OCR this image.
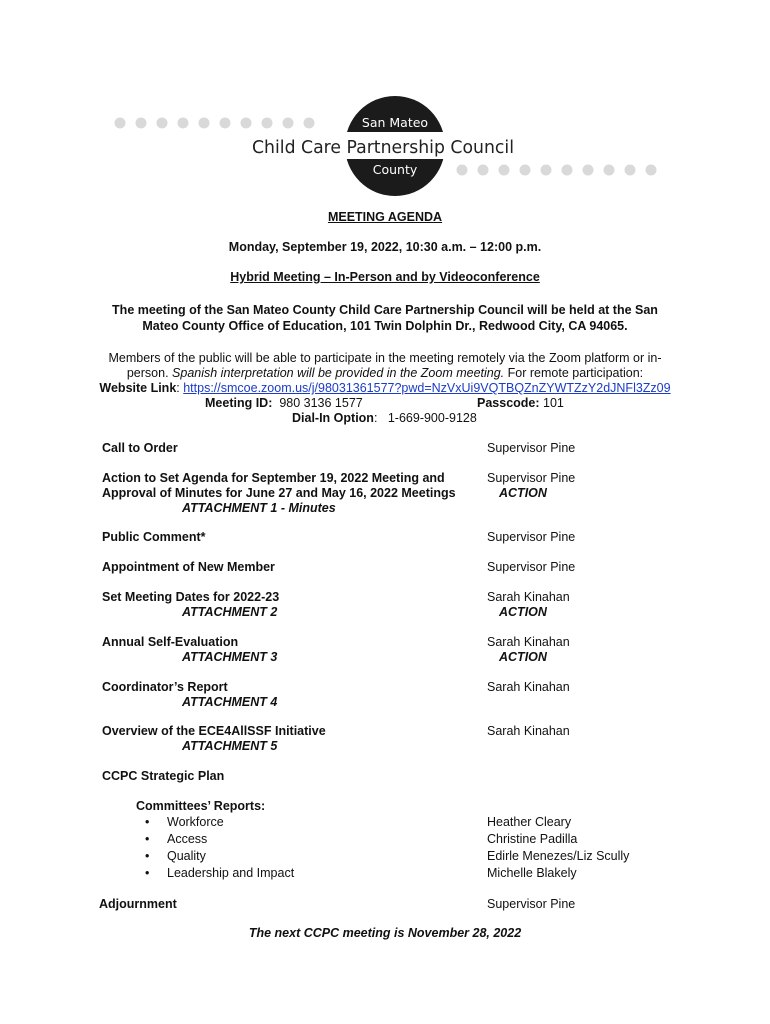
San Mateo
Child Care Partnership Council
County
MEETING AGENDA
Monday, September 19, 2022, 10:30 a.m. – 12:00 p.m.
Hybrid Meeting – In-Person and by Videoconference
The meeting of the San Mateo County Child Care Partnership Council will be held at the San
Mateo County Office of Education, 101 Twin Dolphin Dr., Redwood City, CA 94065.
Members of the public will be able to participate in the meeting remotely via the Zoom platform or in-
person. Spanish interpretation will be provided in the Zoom meeting. For remote participation:
Website Link: https://smcoe.zoom.us/j/98031361577?pwd=NzVxUi9VQTBQZnZYWTZzY2dJNFl3Zz09
Meeting ID: 980 3136 1577	Passcode: 101
Dial-In Option:   1-669-900-9128
Call to Order
Action to Set Agenda for September 19, 2022 Meeting and
Approval of Minutes for June 27 and May 16, 2022 Meetings
ATTACHMENT 1 - Minutes
Public Comment*
Appointment of New Member
Set Meeting Dates for 2022-23
ATTACHMENT 2
Annual Self-Evaluation
ATTACHMENT 3
Coordinator’s Report
ATTACHMENT 4
Overview of the ECE4AllSSF Initiative
ATTACHMENT 5
CCPC Strategic Plan
Committees’ Reports:
• Workforce
• Access
• Quality
• Leadership and Impact
Adjournment
Supervisor Pine
Supervisor Pine
ACTION
Supervisor Pine
Supervisor Pine
Sarah Kinahan
ACTION
Sarah Kinahan
ACTION
Sarah Kinahan
Sarah Kinahan
Heather Cleary
Christine Padilla
Edirle Menezes/Liz Scully
Michelle Blakely
Supervisor Pine
The next CCPC meeting is November 28, 2022
